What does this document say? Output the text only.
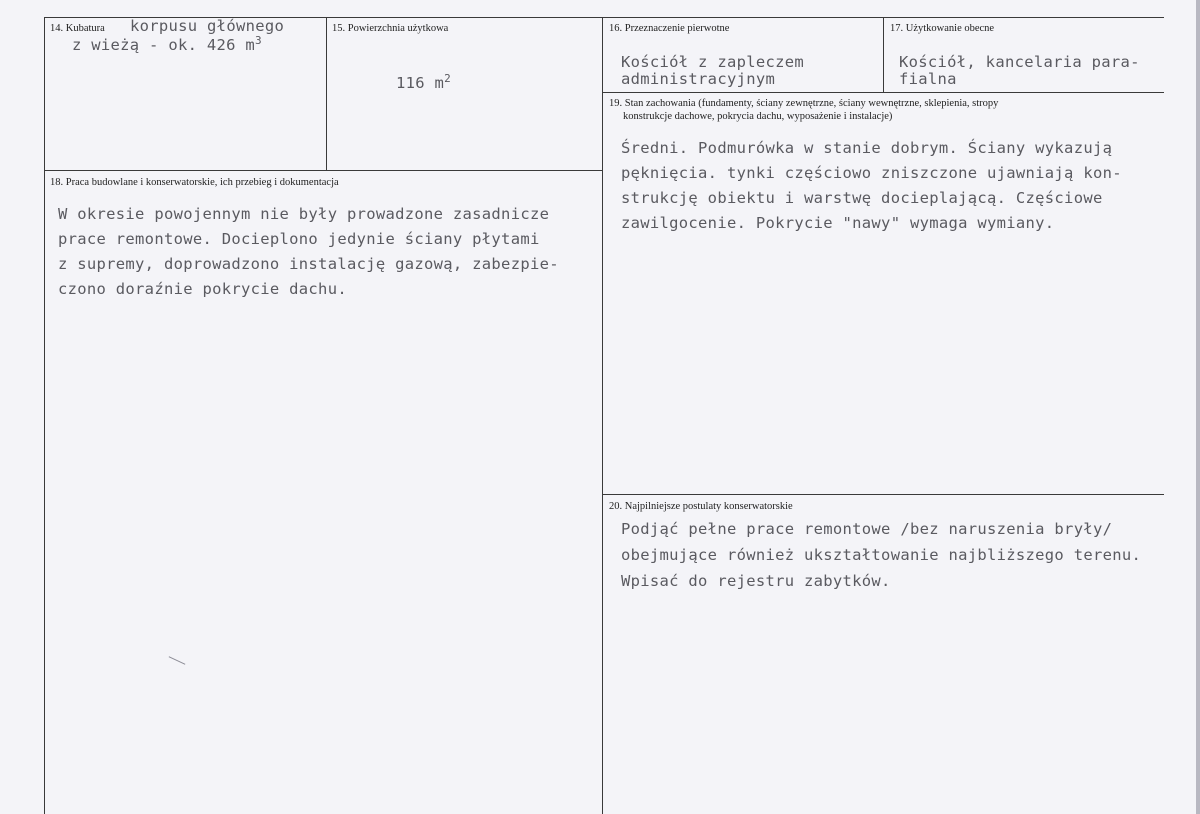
14. Kubatura korpusu głównego
z wieżą - ok. 426 $m^3$
15. Powierzchnia użytkowa
116 $m^2$
16. Przeznaczenie pierwotne
Kościół z zapleczem
administracyjnym
17. Użytkowanie obecne
Kościół, kancelaria para-
fialna
18. Praca budowlane i konserwatorskie, ich przebieg i dokumentacja
W okresie powojennym nie były prowadzone zasadnicze
prace remontowe. Docieplono jedynie ściany płytami
z supremy, doprowadzono instalację gazową, zabezpie-
czono doraźnie pokrycie dachu.
19. Stan zachowania (fundamenty, ściany zewnętrzne, ściany wewnętrzne, sklepienia, stropy
konstrukcje dachowe, pokrycia dachu, wyposażenie i instalacje)
Średni. Podmurówka w stanie dobrym. Ściany wykazują
pęknięcia. tynki częściowo zniszczone ujawniają kon-
strukcję obiektu i warstwę docieplającą. Częściowe
zawilgocenie. Pokrycie "nawy" wymaga wymiany.
20. Najpilniejsze postulaty konserwatorskie
Podjąć pełne prace remontowe /bez naruszenia bryły/
obejmujące również ukształtowanie najbliższego terenu.
Wpisać do rejestru zabytków.
